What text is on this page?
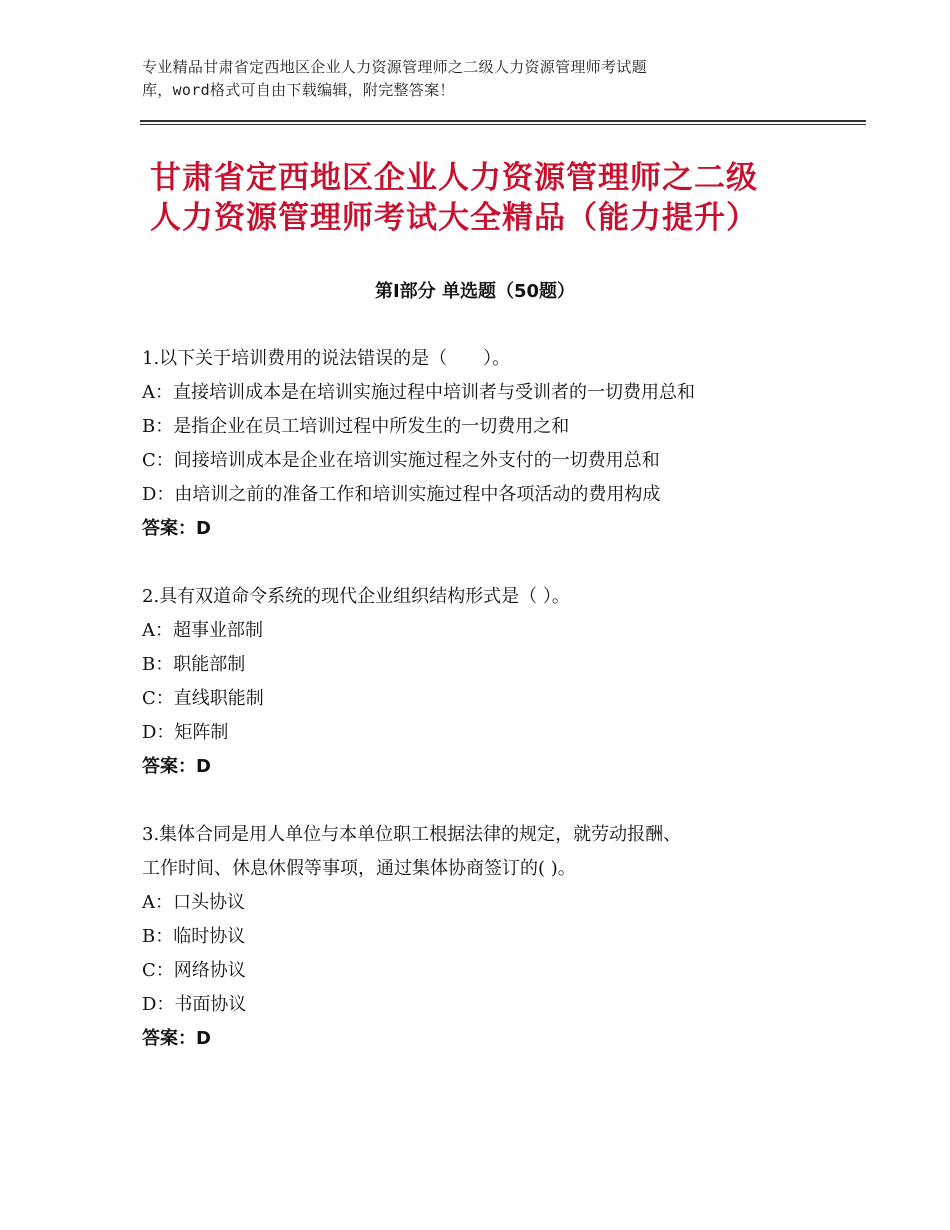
专业精品甘肃省定西地区企业人力资源管理师之二级人力资源管理师考试题
库，word格式可自由下载编辑，附完整答案！
甘肃省定西地区企业人力资源管理师之二级
人力资源管理师考试大全精品（能力提升）
第Ⅰ部分 单选题（50题）
1.以下关于培训费用的说法错误的是（　　）。
A：直接培训成本是在培训实施过程中培训者与受训者的一切费用总和
B：是指企业在员工培训过程中所发生的一切费用之和
C：间接培训成本是企业在培训实施过程之外支付的一切费用总和
D：由培训之前的准备工作和培训实施过程中各项活动的费用构成
答案：D
2.具有双道命令系统的现代企业组织结构形式是（ ）。
A：超事业部制
B：职能部制
C：直线职能制
D：矩阵制
答案：D
3.集体合同是用人单位与本单位职工根据法律的规定，就劳动报酬、
工作时间、休息休假等事项，通过集体协商签订的( )。
A：口头协议
B：临时协议
C：网络协议
D：书面协议
答案：D
